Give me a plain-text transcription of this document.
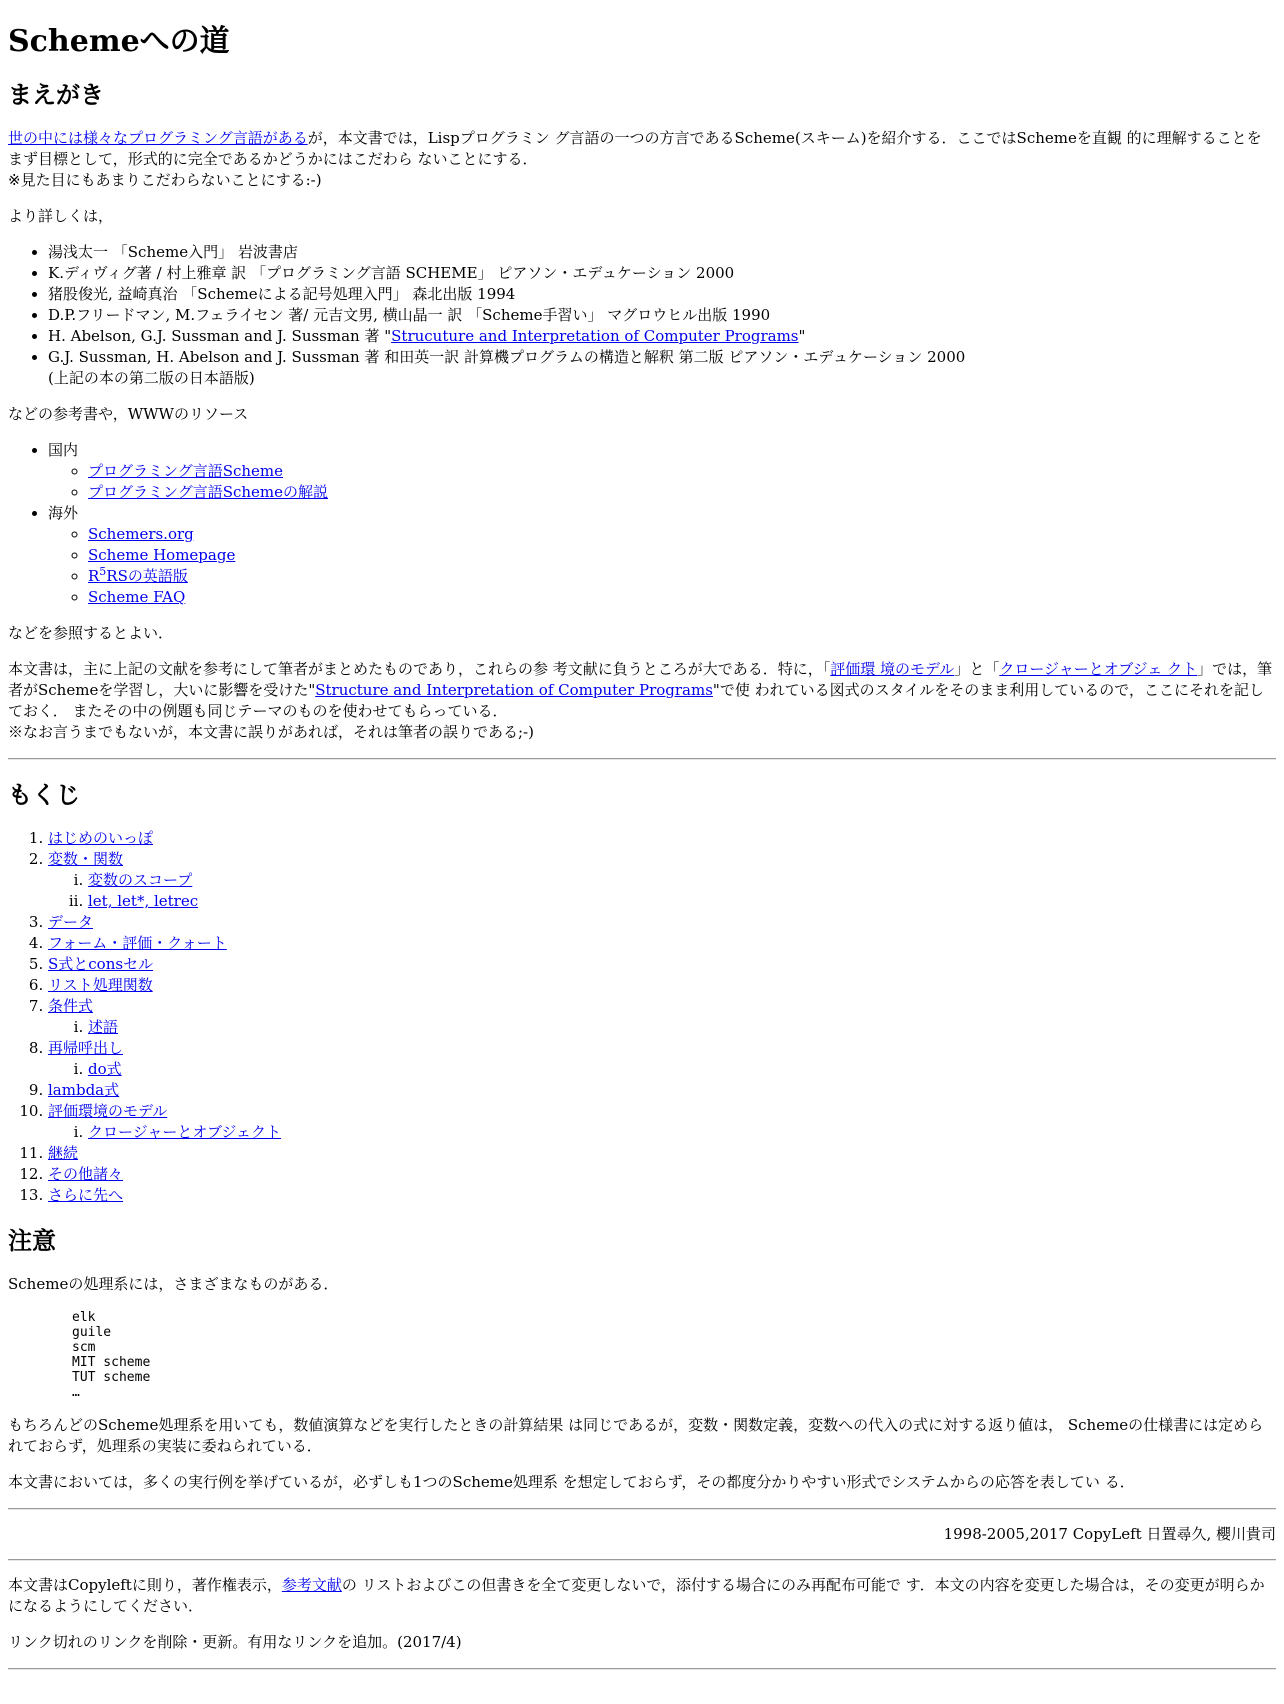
Schemeへの道
まえがき

世の中には様々なプログラミング言語があるが，本文書では，Lispプログラミン グ言語の一つの方言であるScheme(スキーム)を紹介する．ここではSchemeを直観 的に理解することをまず目標として，形式的に完全であるかどうかにはこだわら ないことにする．
※見た目にもあまりこだわらないことにする:-)

より詳しくは，

• 湯浅太一 「Scheme入門」 岩波書店
• K.ディヴィグ著 / 村上雅章 訳 「プログラミング言語 SCHEME」 ピアソン・エデュケーション 2000
• 猪股俊光, 益崎真治 「Schemeによる記号処理入門」 森北出版 1994
• D.P.フリードマン, M.フェライセン 著/ 元吉文男, 横山晶一 訳 「Scheme手習い」 マグロウヒル出版 1990
• H. Abelson, G.J. Sussman and J. Sussman 著 "Strucuture and Interpretation of Computer Programs"
• G.J. Sussman, H. Abelson and J. Sussman 著 和田英一訳 計算機プログラムの構造と解釈 第二版 ピアソン・エデュケーション 2000
(上記の本の第二版の日本語版)

などの参考書や，WWWのリソース

• 国内
◦ プログラミング言語Scheme
◦ プログラミング言語Schemeの解説
• 海外
◦ Schemers.org
◦ Scheme Homepage
◦ R$^5$RSの英語版
◦ Scheme FAQ

などを参照するとよい．

本文書は，主に上記の文献を参考にして筆者がまとめたものであり，これらの参 考文献に負うところが大である．特に，「評価環 境のモデル」と「クロージャーとオブジェ クト」では，筆者がSchemeを学習し，大いに影響を受けた"Structure and Interpretation of Computer Programs"で使 われている図式のスタイルをそのまま利用しているので，ここにそれを記しておく． またその中の例題も同じテーマのものを使わせてもらっている．
※なお言うまでもないが，本文書に誤りがあれば，それは筆者の誤りである;-)

もくじ
1. はじめのいっぽ
2. 変数・関数
i. 変数のスコープ
ii. let, let*, letrec
3. データ
4. フォーム・評価・クォート
5. S式とconsセル
6. リスト処理関数
7. 条件式
i. 述語
8. 再帰呼出し
i. do式
9. lambda式
10. 評価環境のモデル
i. クロージャーとオブジェクト
11. 継続
12. その他諸々
13. さらに先へ
注意

Schemeの処理系には，さまざまなものがある．

elk
guile
scm
MIT scheme
TUT scheme
…

もちろんどのScheme処理系を用いても，数値演算などを実行したときの計算結果 は同じであるが，変数・関数定義，変数への代入の式に対する返り値は， Schemeの仕様書には定められておらず，処理系の実装に委ねられている．

本文書においては，多くの実行例を挙げているが，必ずしも1つのScheme処理系 を想定しておらず，その都度分かりやすい形式でシステムからの応答を表してい る．

1998-2005,2017 CopyLeft 日置尋久, 櫻川貴司

本文書はCopyleftに則り，著作権表示，参考文献の リストおよびこの但書きを全て変更しないで，添付する場合にのみ再配布可能で す．本文の内容を変更した場合は，その変更が明らかになるようにしてください．

リンク切れのリンクを削除・更新。有用なリンクを追加。(2017/4)
